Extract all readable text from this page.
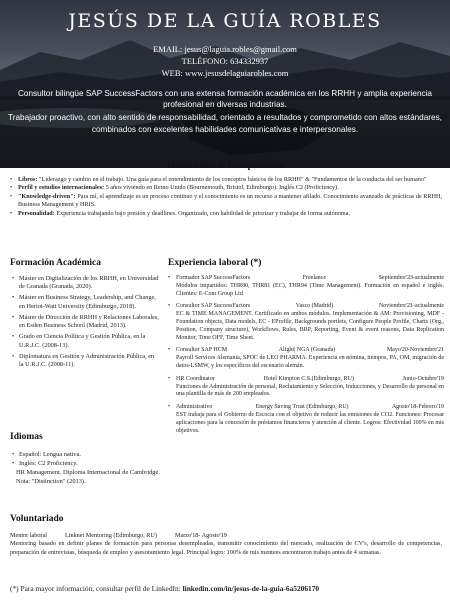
JESÚS DE LA GUÍA ROBLES
EMAIL: jesus@laguia.robles@gmail.com
TELÉFONO: 634332937
WEB: www.jesusdelaguiarobles.com

Consultor bilingüe SAP SuccessFactors con una extensa formación académica en los RRHH y amplia experiencia profesional en diversas industrias.

Trabajador proactivo, con alto sentido de responsabilidad, orientado a resultados y comprometido con altos estándares, combinados con excelentes habilidades comunicativas e interpersonales.

Habilidades & Competencias
• Libros: "Liderazgo y cambio en el trabajo. Una guía para el entendimiento de los conceptos básicos de los RRHH" & "Fundamentos de la conducta del ser humano"
• Perfil y estudios internacionales: 5 años viviendo en Reino Unido (Bournemouth, Bristol, Edimburgo). Inglés C2 (Proficiency).
• "Knowledge-driven": Para mí, el aprendizaje es un proceso continuo y el conocimiento es un recurso a mantener afilado. Conocimiento avanzado de prácticas de RRHH, Business Management y HRIS.
• Personalidad: Experiencia trabajando bajo presión y deadlines. Organizado, con habilidad de priorizar y trabajar de forma autónoma.
Formación Académica
• Máster en Digitalización de los RRHH, en Universidad de Granada (Granada, 2020).
• Máster en Business Strategy, Leadership, and Change, en Heriot-Watt University (Edimburgo, 2018).
• Máster de Dirección de RRHH y Relaciones Laborales, en Esden Business School (Madrid, 2013).
• Grado en Ciencia Política y Gestión Pública, en la U.R.J.C. (2008-13).
• Diplomatura en Gestión y Administración Pública, en la U.R.J.C. (2008-11).
Idiomas
• Español: Lengua nativa.
• Inglés: C2 Proficiency.
HR Management. Diploma Internacional de Cambridge. Nota: "Distinction" (2013).
Experiencia laboral (*)
• Formador SAP SuccessFactors	Freelance	Septiembre'23-actualmente
Módulos impartidos: THR80, THR81 (EC), THR94 (Time Management). Formación en español e inglés. Clientes: E-Com Group Ltd
• Consultor SAP SuccessFactors	Vasco (Madrid)	Noviembre'21-actualmente
EC & TIME MANAGEMENT. Certificado en ambos módulos. Implementación & AM: Provisioning, MDF - Foundation objects, Data models, EC - EProfile, Backgrounds portlets, Configure People Profile, Charts (Org., Position, Company structure), Workflows, Rules, BRP, Reporting, Event & event reasons, Data Replication Monitor, Time OFF, Time Sheet.
• Consultor SAP HCM	Alight| NGA (Granada)	Mayo'20-Noviembre'21
Payroll Services Alemania, SPOC de LEO PHARMA. Experiencia en nómina, tiempos, PA, OM, migración de datos-LSMW, y los específicos del escenario alemán.
• HR Coordinator	Hotel Kimpton C.S.(Edimburgo, RU)	Junio-Octubre'19
Funciones de Administración de personal, Reclutamiento y Selección, Inducciones, y Desarrollo de personal en una plantilla de más de 200 empleados.
• Administrativo	Energy Saving Trust (Edimburgo, RU)	Agosto'18-Febrero'19
EST trabaja para el Gobierno de Escocia con el objetivo de reducir las emisiones de CO2. Funciones: Procesar aplicaciones para la concesión de préstamos financieros y atención al cliente. Logros: Efectividad 100% en mis objetivos.
Voluntariado
Mentor laboral	Linknet Mentoring (Edimburgo, RU)	Marzo'18- Agosto'19
Mentoring basado en definir planes de formación para personas desempleadas, transmitir conocimiento del mercado, realización de CV's, desarrollo de competencias, preparación de entrevistas, búsqueda de empleo y asesoramiento legal. Principal logro: 100% de mis mentees encontraron trabajo antes de 4 semanas.
(*) Para mayor información, consultar perfil de LinkedIn: linkedin.com/in/jesus-de-la-guia-6a5206170
